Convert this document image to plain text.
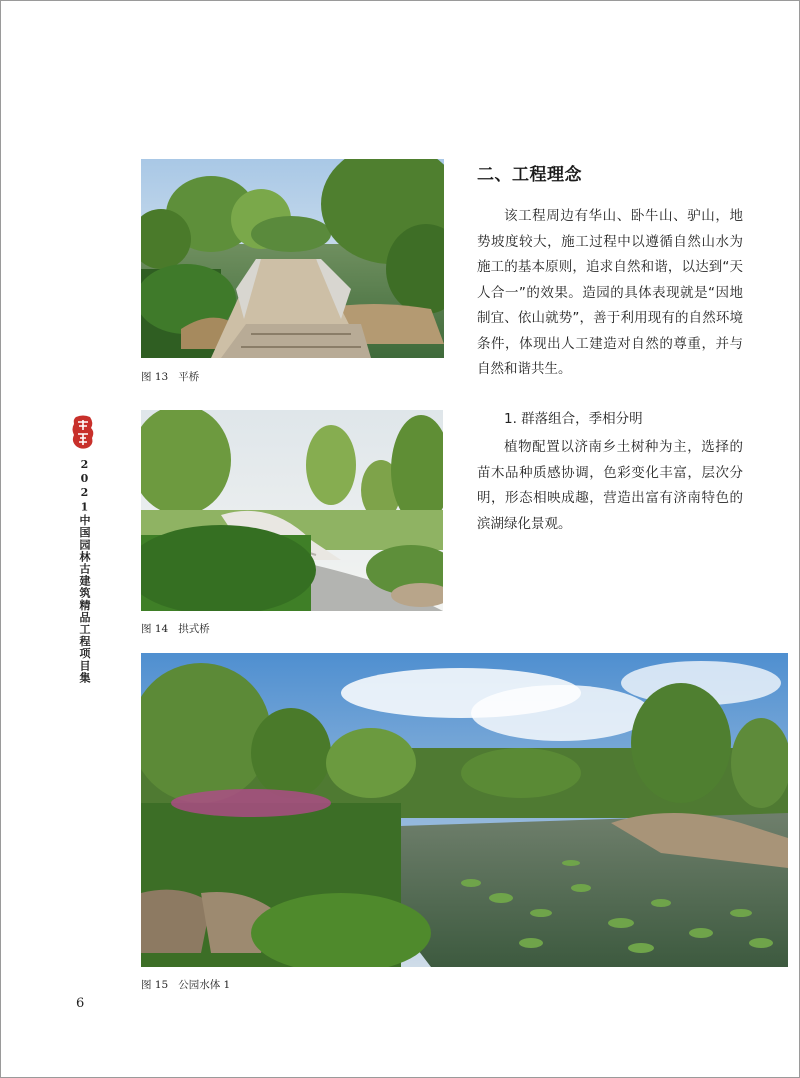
2021中国园林古建筑精品工程项目集
6
图 13 平桥
图 14 拱式桥
图 15 公园水体 1
二、工程理念

该工程周边有华山、卧牛山、驴山，地势坡度较大，施工过程中以遵循自然山水为施工的基本原则，追求自然和谐，以达到“天人合一”的效果。造园的具体表现就是“因地制宜、依山就势”，善于利用现有的自然环境条件，体现出人工建造对自然的尊重，并与自然和谐共生。

1. 群落组合，季相分明

植物配置以济南乡土树种为主，选择的苗木品种质感协调，色彩变化丰富，层次分明，形态相映成趣，营造出富有济南特色的滨湖绿化景观。
